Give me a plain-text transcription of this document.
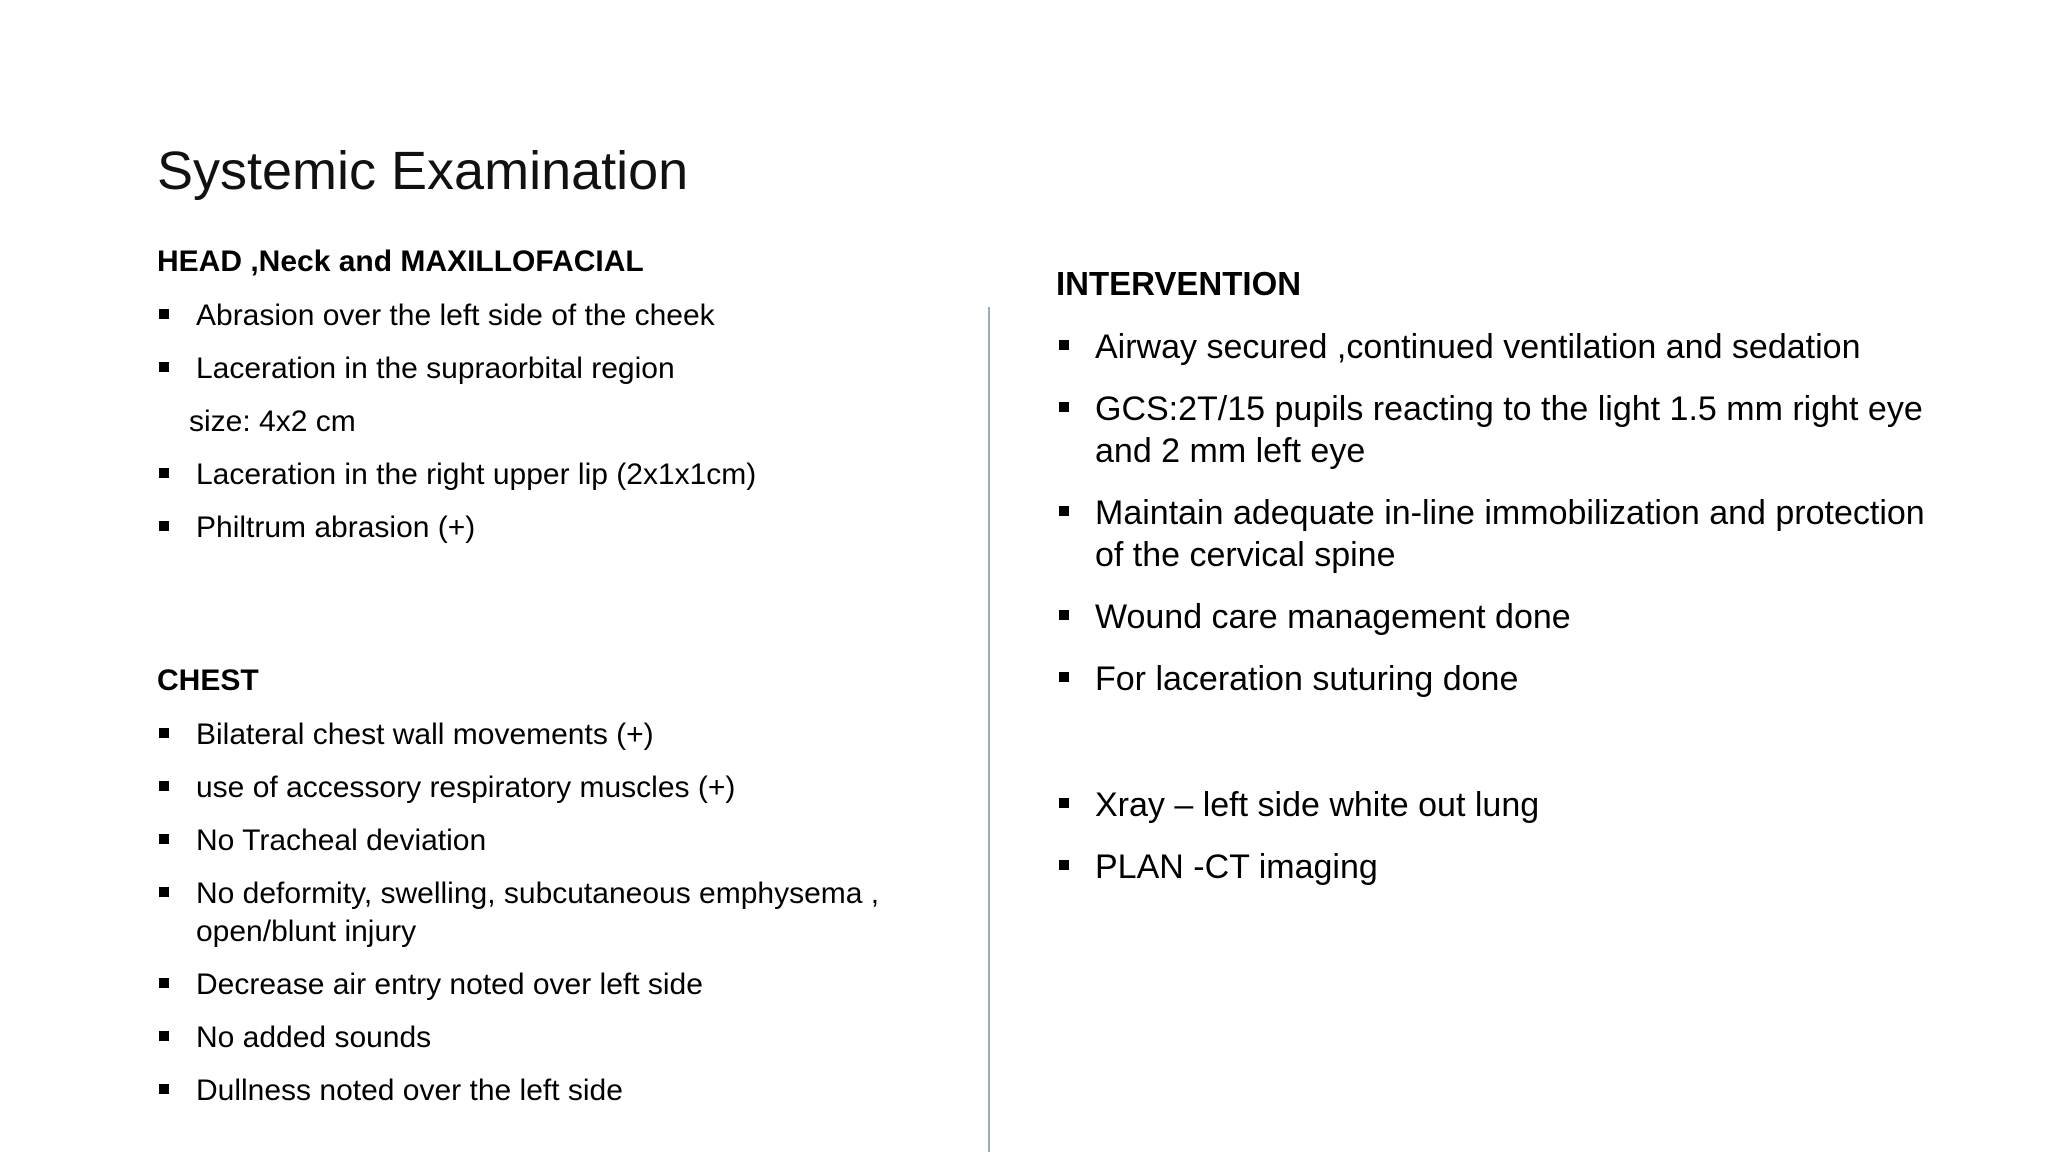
Systemic Examination
HEAD ,Neck and MAXILLOFACIAL
Abrasion over the left side of the cheek
Laceration in the supraorbital region
size: 4x2 cm
Laceration in the right upper lip (2x1x1cm)
Philtrum abrasion (+)
CHEST
Bilateral chest wall movements (+)
use of accessory respiratory muscles (+)
No Tracheal deviation
No deformity, swelling, subcutaneous emphysema , open/blunt injury
Decrease air entry noted over left side
No added sounds
Dullness noted over the left side
INTERVENTION
Airway secured ,continued ventilation and sedation
GCS:2T/15 pupils reacting to the light 1.5 mm right eye and 2 mm left eye
Maintain adequate in-line immobilization and protection of the cervical spine
Wound care management done
For laceration suturing done
Xray – left side white out lung
PLAN -CT imaging
